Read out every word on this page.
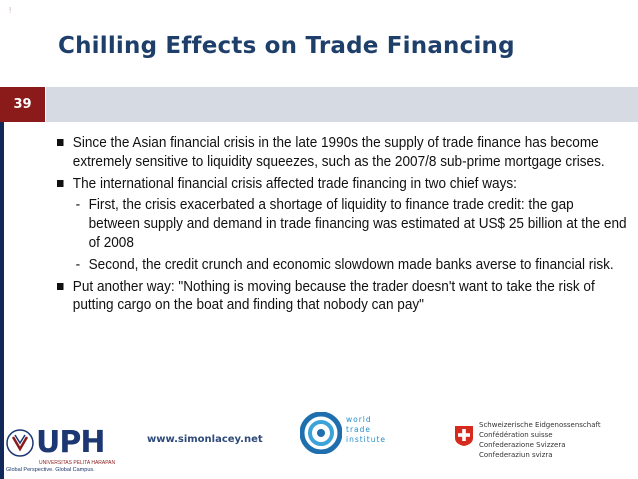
!
Chilling Effects on Trade Financing
39
Since the Asian financial crisis in the late 1990s the supply of trade finance has become extremely sensitive to liquidity squeezes, such as the 2007/8 sub-prime mortgage crises.
The international financial crisis affected trade financing in two chief ways:
- First, the crisis exacerbated a shortage of liquidity to finance trade credit: the gap between supply and demand in trade financing was estimated at US$ 25 billion at the end of 2008
- Second, the credit crunch and economic slowdown made banks averse to financial risk.
Put another way: "Nothing is moving because the trader doesn't want to take the risk of putting cargo on the boat and finding that nobody can pay"
UPH
UNIVERSITAS PELITA HARAPAN
Global Perspective. Global Campus.
www.simonlacey.net
world
trade
institute
Schweizerische Eidgenossenschaft
Confédération suisse
Confederazione Svizzera
Confederaziun svizra
